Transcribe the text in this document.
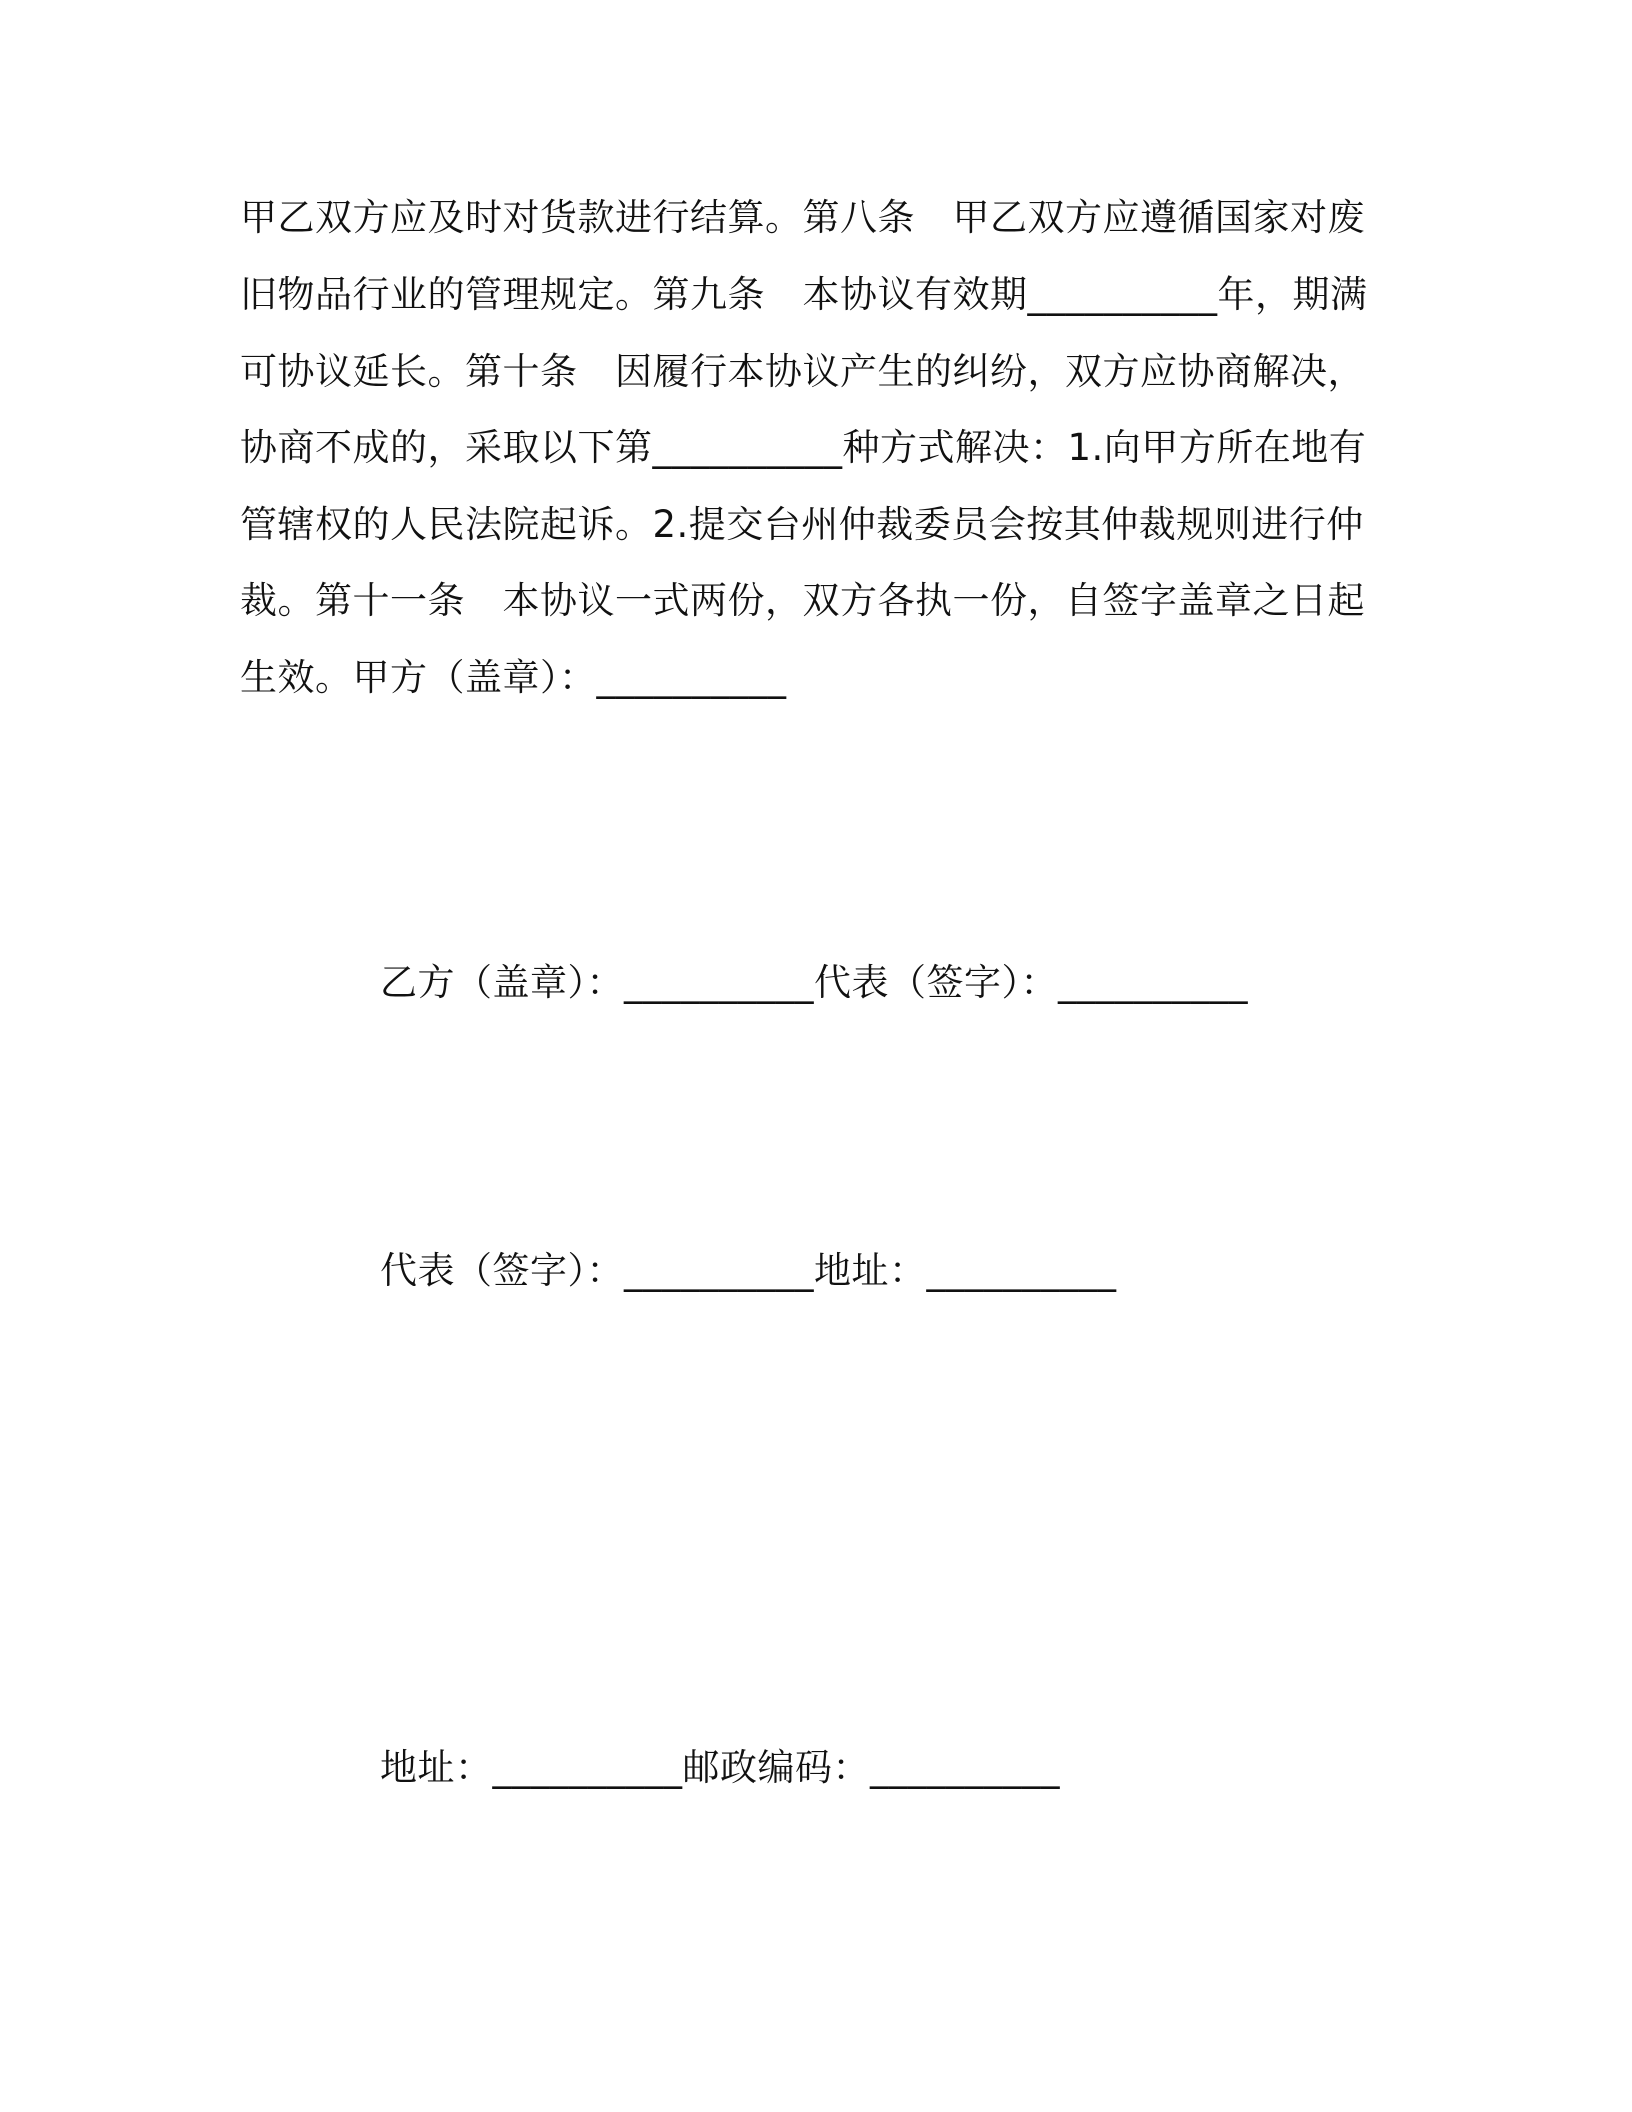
甲乙双方应及时对货款进行结算。第八条　甲乙双方应遵循国家对废
旧物品行业的管理规定。第九条　本协议有效期__________年，期满
可协议延长。第十条　因履行本协议产生的纠纷，双方应协商解决，
协商不成的，采取以下第__________种方式解决：1.向甲方所在地有
管辖权的人民法院起诉。2.提交台州仲裁委员会按其仲裁规则进行仲
裁。第十一条　本协议一式两份，双方各执一份，自签字盖章之日起
生效。甲方（盖章）：__________
乙方（盖章）：__________代表（签字）：__________
代表（签字）：__________地址：__________
地址：__________邮政编码：__________
